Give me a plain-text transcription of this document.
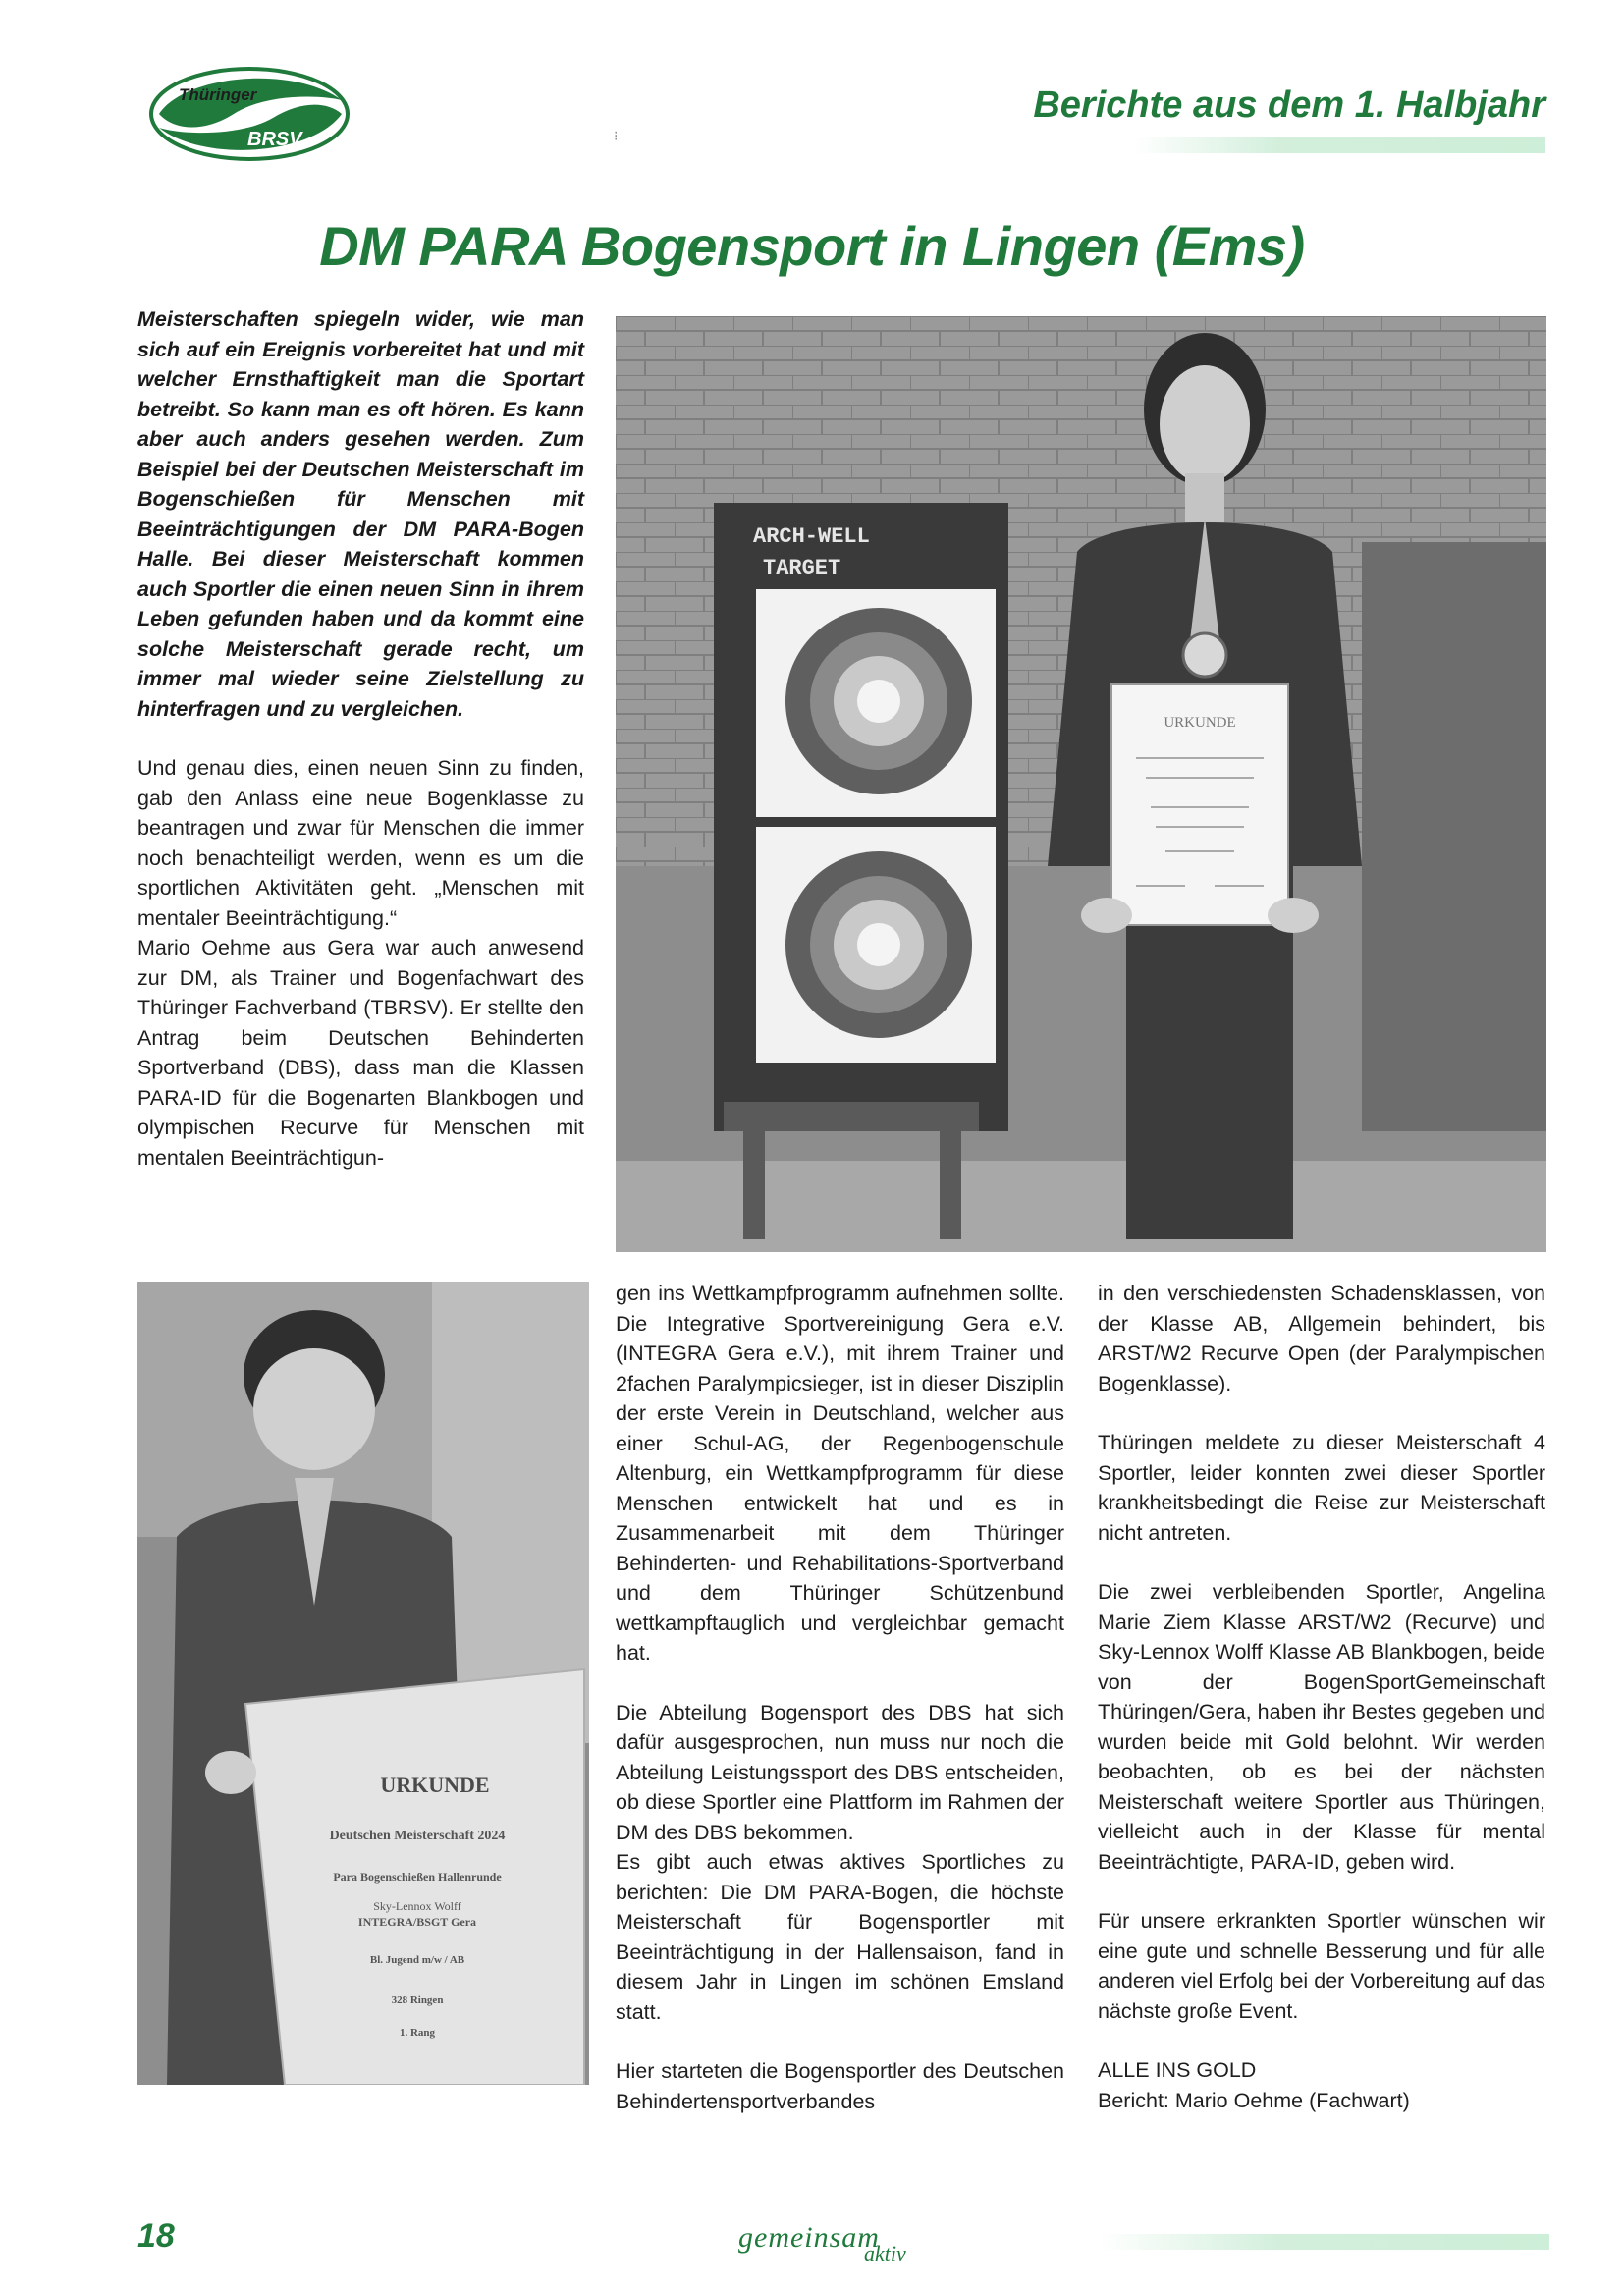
Thüringer
BRSV
Berichte aus dem 1. Halbjahr
⁝
DM PARA Bogensport in Lingen (Ems)

Meisterschaften spiegeln wider, wie man sich auf ein Ereignis vorbereitet hat und mit welcher Ernsthaftigkeit man die Sportart betreibt. So kann man es oft hören. Es kann aber auch anders gesehen werden. Zum Beispiel bei der Deutschen Meisterschaft im Bogenschießen für Menschen mit Beeinträchtigungen der DM PARA-Bogen Halle. Bei dieser Meisterschaft kommen auch Sportler die einen neuen Sinn in ihrem Leben gefunden haben und da kommt eine solche Meisterschaft gerade recht, um immer mal wieder seine Zielstellung zu hinterfragen und zu vergleichen.

Und genau dies, einen neuen Sinn zu finden, gab den Anlass eine neue Bogenklasse zu beantragen und zwar für Menschen die immer noch benachteiligt werden, wenn es um die sportlichen Aktivitäten geht. „Menschen mit mentaler Beeinträchtigung.“

Mario Oehme aus Gera war auch anwesend zur DM, als Trainer und Bogenfachwart des Thüringer Fachverband (TBRSV). Er stellte den Antrag beim Deutschen Behinderten Sportverband (DBS), dass man die Klassen PARA-ID für die Bogenarten Blankbogen und olympischen Recurve für Menschen mit mentalen Beeinträchtigun-

ARCH-WELL
TARGET
URKUNDE
URKUNDE
Deutschen Meisterschaft 2024
Para Bogenschießen Hallenrunde
Sky-Lennox Wolff
INTEGRA/BSGT Gera
Bl. Jugend m/w / AB
328 Ringen
1. Rang

gen ins Wettkampfprogramm aufnehmen sollte. Die Integrative Sportvereinigung Gera e.V. (INTEGRA Gera e.V.), mit ihrem Trainer und 2fachen Paralympicsieger, ist in dieser Disziplin der erste Verein in Deutschland, welcher aus einer Schul-AG, der Regenbogenschule Altenburg, ein Wettkampfprogramm für diese Menschen entwickelt hat und es in Zusammenarbeit mit dem Thüringer Behinderten- und Rehabilitations-Sportverband und dem Thüringer Schützenbund wettkampftauglich und vergleichbar gemacht hat.

Die Abteilung Bogensport des DBS hat sich dafür ausgesprochen, nun muss nur noch die Abteilung Leistungssport des DBS entscheiden, ob diese Sportler eine Plattform im Rahmen der DM des DBS bekommen.

Es gibt auch etwas aktives Sportliches zu berichten: Die DM PARA-Bogen, die höchste Meisterschaft für Bogensportler mit Beeinträchtigung in der Hallensaison, fand in diesem Jahr in Lingen im schönen Emsland statt.

Hier starteten die Bogensportler des Deutschen Behindertensportverbandes

in den verschiedensten Schadensklassen, von der Klasse AB, Allgemein behindert, bis ARST/W2 Recurve Open (der Paralympischen Bogenklasse).

Thüringen meldete zu dieser Meisterschaft 4 Sportler, leider konnten zwei dieser Sportler krankheitsbedingt die Reise zur Meisterschaft nicht antreten.

Die zwei verbleibenden Sportler, Angelina Marie Ziem Klasse ARST/W2 (Recurve) und Sky-Lennox Wolff Klasse AB Blankbogen, beide von der BogenSportGemeinschaft Thüringen/Gera, haben ihr Bestes gegeben und wurden beide mit Gold belohnt. Wir werden beobachten, ob es bei der nächsten Meisterschaft weitere Sportler aus Thüringen, vielleicht auch in der Klasse für mental Beeinträchtigte, PARA-ID, geben wird.

Für unsere erkrankten Sportler wünschen wir eine gute und schnelle Besserung und für alle anderen viel Erfolg bei der Vorbereitung auf das nächste große Event.

ALLE INS GOLD

Bericht: Mario Oehme (Fachwart)

18	gemeinsam
aktiv
